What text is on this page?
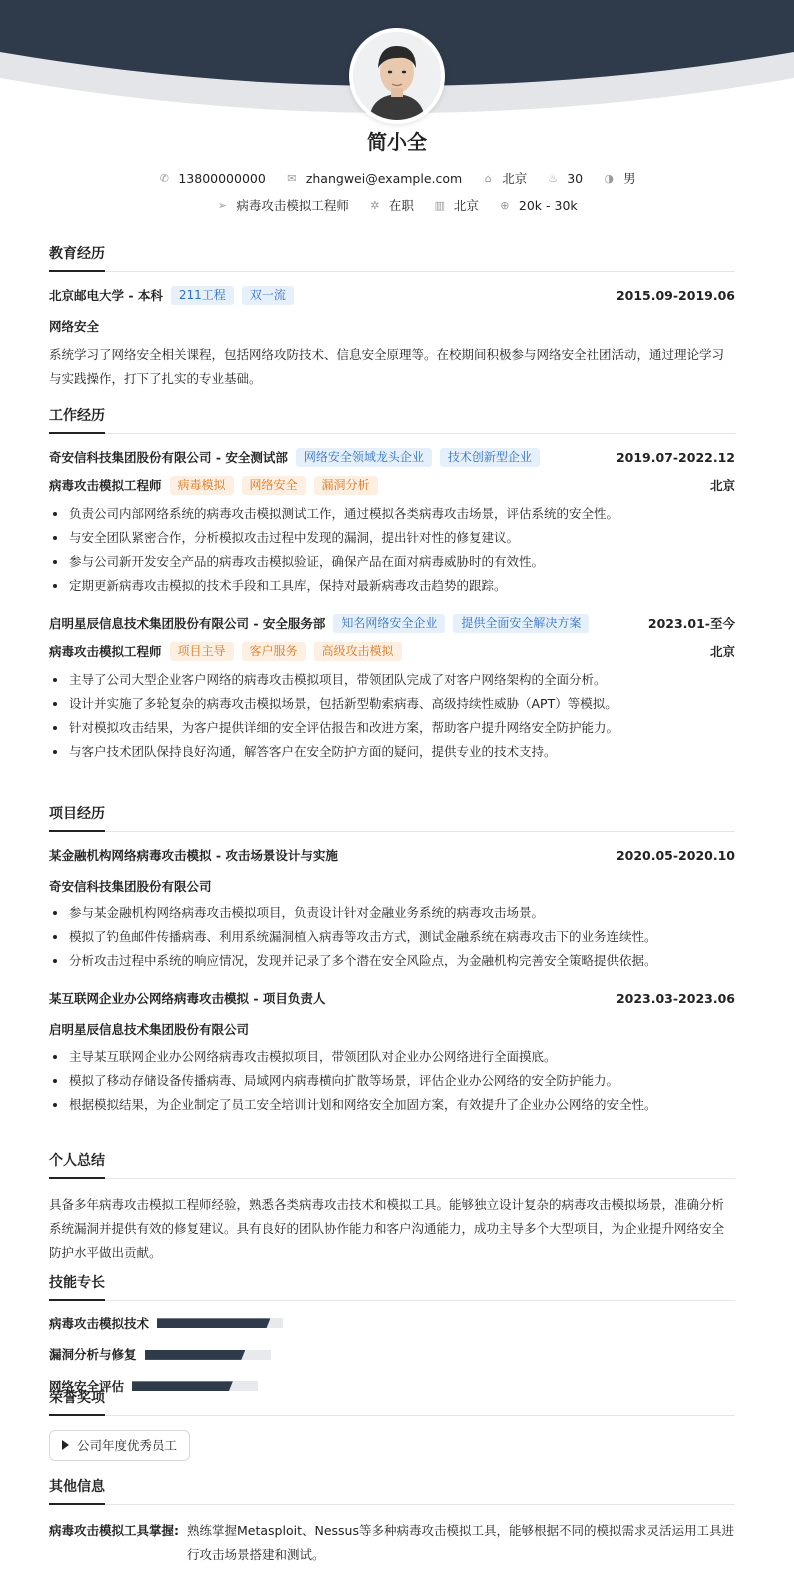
简小全
✆ 13800000000 ✉ zhangwei@example.com ⌂ 北京 ♨ 30 ◑ 男
➢ 病毒攻击模拟工程师 ✲ 在职 ▥ 北京 ⊕ 20k - 30k
教育经历
北京邮电大学 - 本科	211工程	双一流	2015.09-2019.06
网络安全
系统学习了网络安全相关课程，包括网络攻防技术、信息安全原理等。在校期间积极参与网络安全社团活动，通过理论学习与实践操作，打下了扎实的专业基础。
工作经历
奇安信科技集团股份有限公司 - 安全测试部	网络安全领域龙头企业	技术创新型企业	2019.07-2022.12
病毒攻击模拟工程师	病毒模拟	网络安全	漏洞分析	北京
负责公司内部网络系统的病毒攻击模拟测试工作，通过模拟各类病毒攻击场景，评估系统的安全性。
与安全团队紧密合作，分析模拟攻击过程中发现的漏洞，提出针对性的修复建议。
参与公司新开发安全产品的病毒攻击模拟验证，确保产品在面对病毒威胁时的有效性。
定期更新病毒攻击模拟的技术手段和工具库，保持对最新病毒攻击趋势的跟踪。
启明星辰信息技术集团股份有限公司 - 安全服务部	知名网络安全企业	提供全面安全解决方案	2023.01-至今
病毒攻击模拟工程师	项目主导	客户服务	高级攻击模拟	北京
主导了公司大型企业客户网络的病毒攻击模拟项目，带领团队完成了对客户网络架构的全面分析。
设计并实施了多轮复杂的病毒攻击模拟场景，包括新型勒索病毒、高级持续性威胁（APT）等模拟。
针对模拟攻击结果，为客户提供详细的安全评估报告和改进方案，帮助客户提升网络安全防护能力。
与客户技术团队保持良好沟通，解答客户在安全防护方面的疑问，提供专业的技术支持。
项目经历
某金融机构网络病毒攻击模拟 - 攻击场景设计与实施	2020.05-2020.10
奇安信科技集团股份有限公司
参与某金融机构网络病毒攻击模拟项目，负责设计针对金融业务系统的病毒攻击场景。
模拟了钓鱼邮件传播病毒、利用系统漏洞植入病毒等攻击方式，测试金融系统在病毒攻击下的业务连续性。
分析攻击过程中系统的响应情况，发现并记录了多个潜在安全风险点，为金融机构完善安全策略提供依据。
某互联网企业办公网络病毒攻击模拟 - 项目负责人	2023.03-2023.06
启明星辰信息技术集团股份有限公司
主导某互联网企业办公网络病毒攻击模拟项目，带领团队对企业办公网络进行全面摸底。
模拟了移动存储设备传播病毒、局域网内病毒横向扩散等场景，评估企业办公网络的安全防护能力。
根据模拟结果，为企业制定了员工安全培训计划和网络安全加固方案，有效提升了企业办公网络的安全性。
个人总结
具备多年病毒攻击模拟工程师经验，熟悉各类病毒攻击技术和模拟工具。能够独立设计复杂的病毒攻击模拟场景，准确分析系统漏洞并提供有效的修复建议。具有良好的团队协作能力和客户沟通能力，成功主导多个大型项目，为企业提升网络安全防护水平做出贡献。
技能专长
病毒攻击模拟技术
漏洞分析与修复
网络安全评估
荣誉奖项
公司年度优秀员工
其他信息
病毒攻击模拟工具掌握: 熟练掌握Metasploit、Nessus等多种病毒攻击模拟工具，能够根据不同的模拟需求灵活运用工具进行攻击场景搭建和测试。
